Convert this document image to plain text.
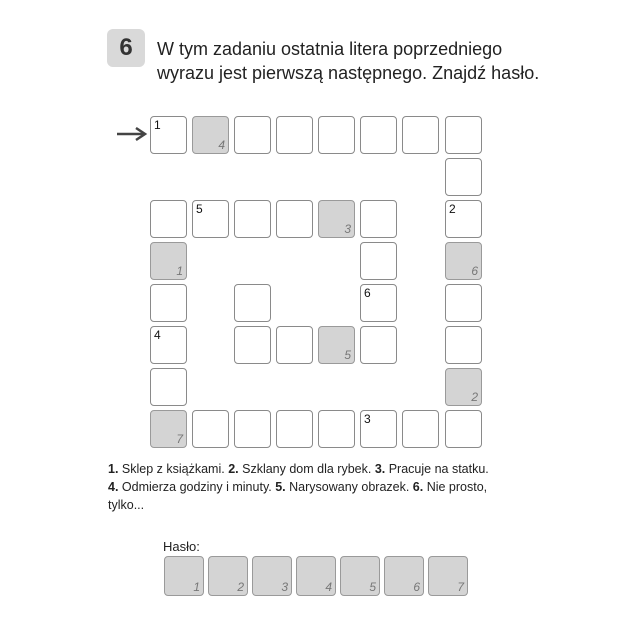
6 W tym zadaniu ostatnia litera poprzedniego
wyrazu jest pierwszą następnego. Znajdź hasło.
1
4
2
6
2
3
7
4
1
5
3
6
5
1. Sklep z książkami. 2. Szklany dom dla rybek. 3. Pracuje na statku.
4. Odmierza godziny i minuty. 5. Narysowany obrazek. 6. Nie prosto,
tylko...
Hasło:
1	2	3	4	5	6	7
